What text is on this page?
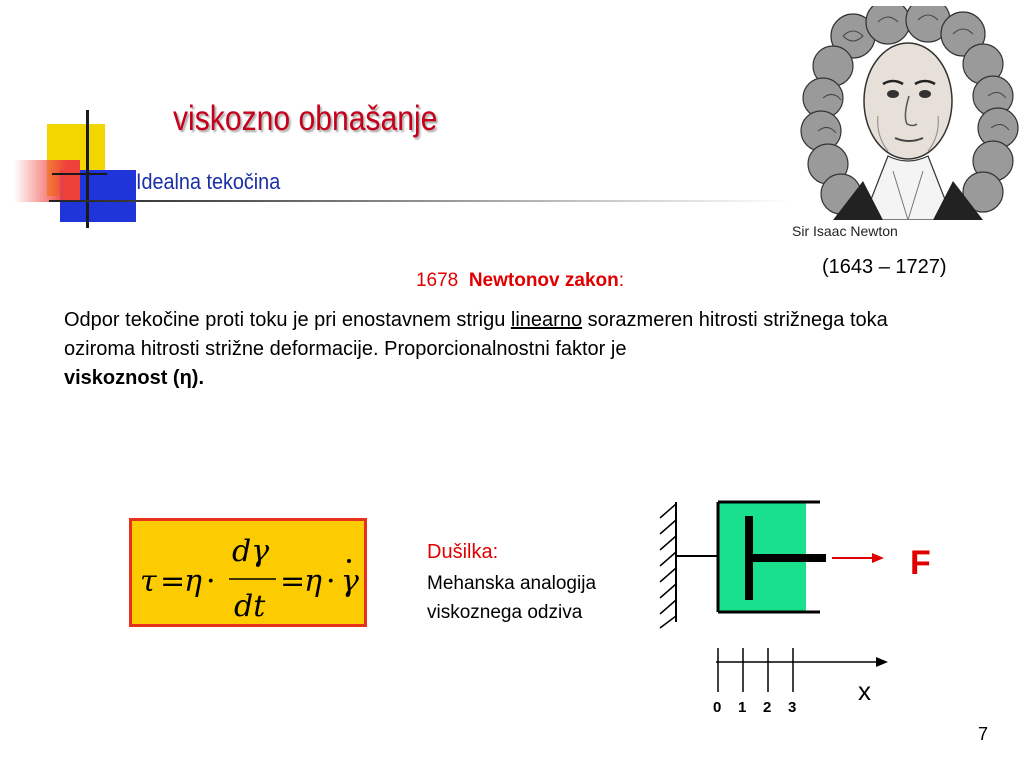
viskozno obnašanje
Idealna tekočina
Sir Isaac Newton
(1643 – 1727)
1678 Newtonov zakon:
Odpor tekočine proti toku je pri enostavnem strigu linearno sorazmeren hitrosti strižnega toka oziroma hitrosti strižne deformacije. Proporcionalnostni faktor je
viskoznost (η).
τ =
η ·
dγ
dt
=
η · γ
Dušilka:
Mehanska analogija
viskoznega odziva
F
x
0 1 2 3
7
